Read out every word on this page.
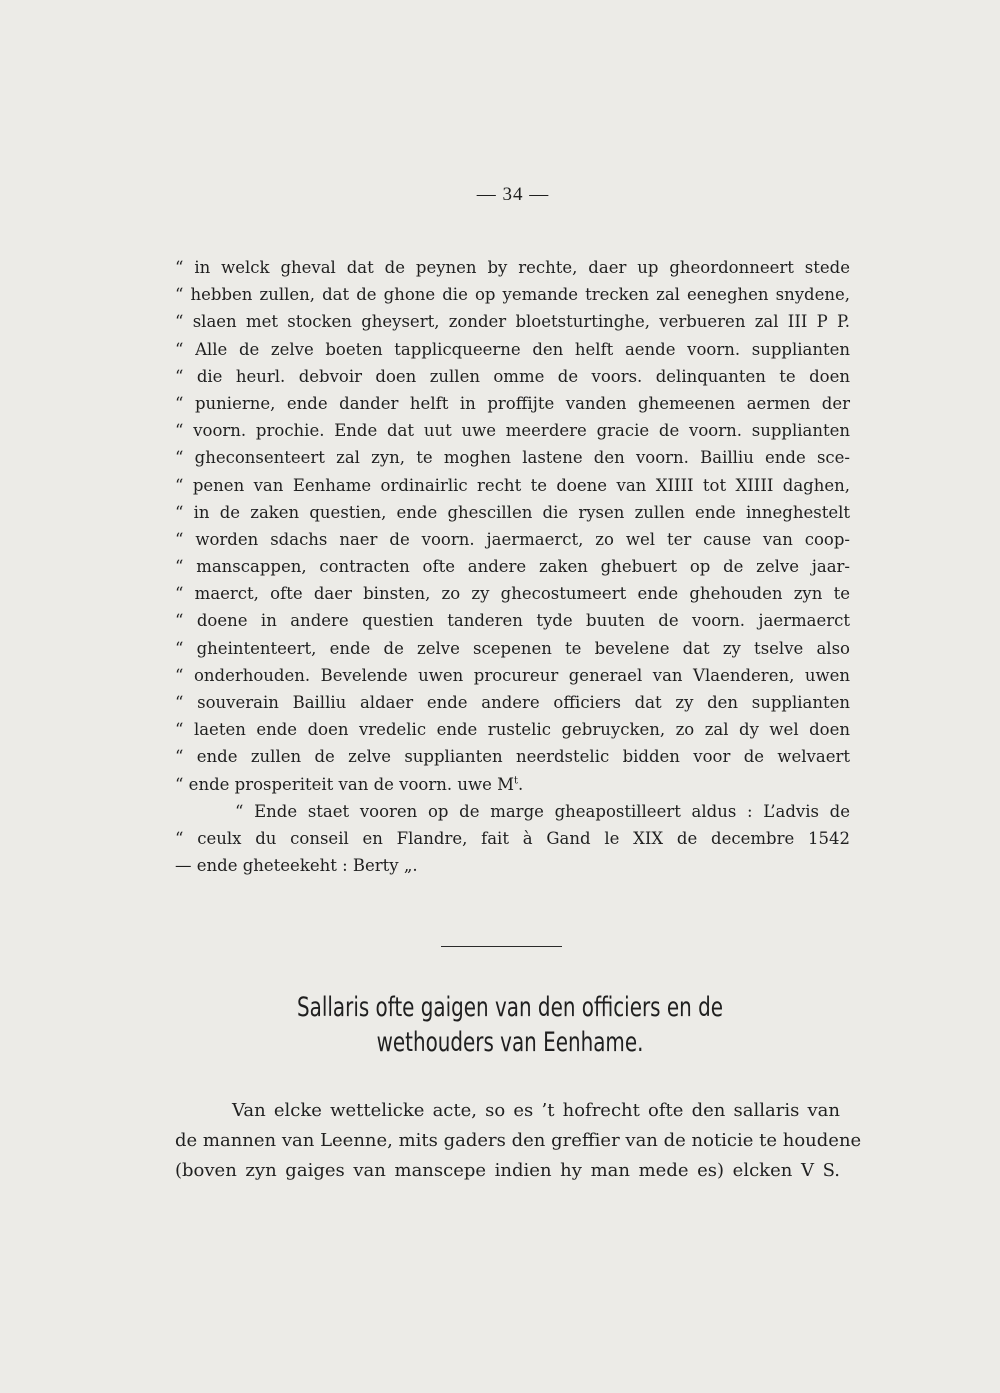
— 34 —
“ in welck gheval dat de peynen by rechte, daer up gheordonneert stede
“ hebben zullen, dat de ghone die op yemande trecken zal eeneghen snydene,
“ slaen met stocken gheysert, zonder bloetsturtinghe, verbueren zal III P P.
“ Alle de zelve boeten tapplicqueerne den helft aende voorn. supplianten
“ die heurl. debvoir doen zullen omme de voors. delinquanten te doen
“ punierne, ende dander helft in proffijte vanden ghemeenen aermen der
“ voorn. prochie. Ende dat uut uwe meerdere gracie de voorn. supplianten
“ gheconsenteert zal zyn, te moghen lastene den voorn. Bailliu ende sce-
“ penen van Eenhame ordinairlic recht te doene van XIIII tot XIIII daghen,
“ in de zaken questien, ende ghescillen die rysen zullen ende inneghestelt
“ worden sdachs naer de voorn. jaermaerct, zo wel ter cause van coop-
“ manscappen, contracten ofte andere zaken ghebuert op de zelve jaar-
“ maerct, ofte daer binsten, zo zy ghecostumeert ende ghehouden zyn te
“ doene in andere questien tanderen tyde buuten de voorn. jaermaerct
“ gheintenteert, ende de zelve scepenen te bevelene dat zy tselve also
“ onderhouden. Bevelende uwen procureur generael van Vlaenderen, uwen
“ souverain Bailliu aldaer ende andere officiers dat zy den supplianten
“ laeten ende doen vredelic ende rustelic gebruycken, zo zal dy wel doen
“ ende zullen de zelve supplianten neerdstelic bidden voor de welvaert
“ ende prosperiteit van de voorn. uwe $M^t$.
“ Ende staet vooren op de marge gheapostilleert aldus : L’advis de
“ ceulx du conseil en Flandre, fait à Gand le XIX de decembre 1542
— ende gheteekeht : Berty „.
Sallaris ofte gaigen van den officiers en de
wethouders van Eenhame.
Van elcke wettelicke acte, so es ’t hofrecht ofte den sallaris van
de mannen van Leenne, mits gaders den greffier van de noticie te houdene
(boven zyn gaiges van manscepe indien hy man mede es) elcken V S.
